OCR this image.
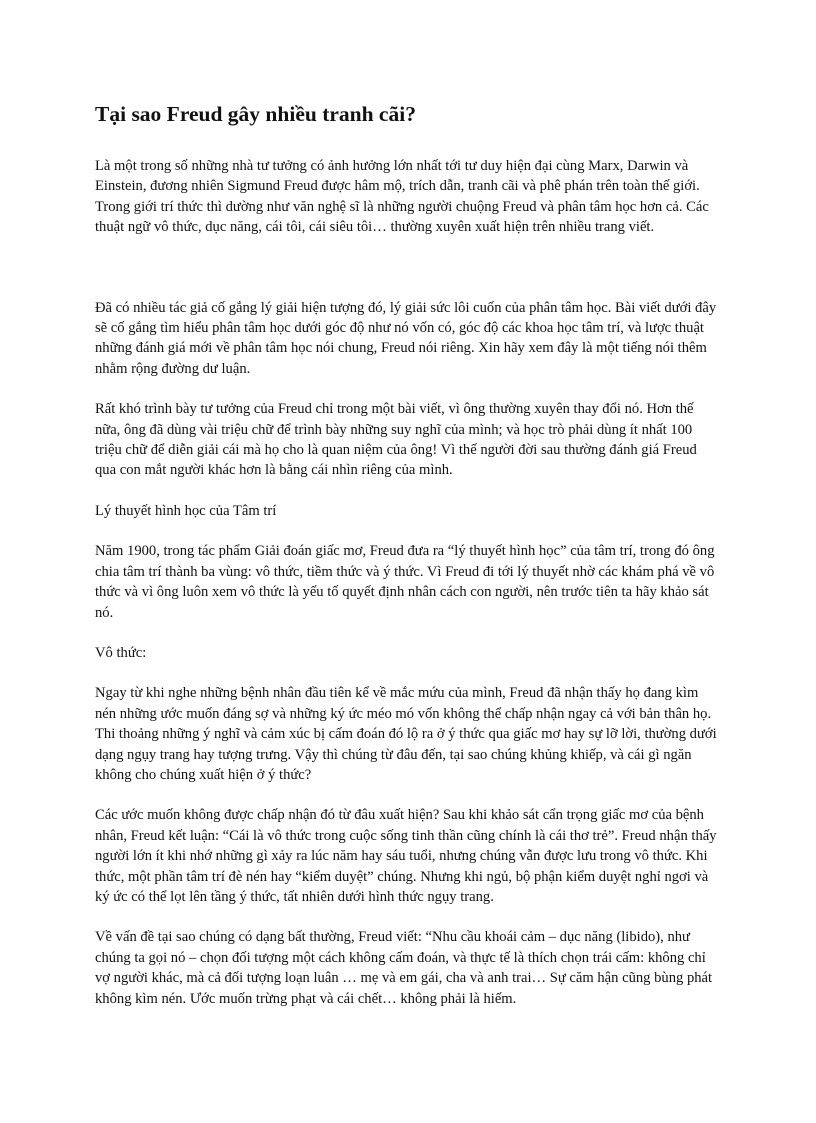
Tại sao Freud gây nhiều tranh cãi?

Là một trong số những nhà tư tưởng có ảnh hưởng lớn nhất tới tư duy hiện đại cùng Marx, Darwin và Einstein, đương nhiên Sigmund Freud được hâm mộ, trích dẫn, tranh cãi và phê phán trên toàn thế giới. Trong giới trí thức thì dường như văn nghệ sĩ là những người chuộng Freud và phân tâm học hơn cả. Các thuật ngữ vô thức, dục năng, cái tôi, cái siêu tôi… thường xuyên xuất hiện trên nhiều trang viết.

Đã có nhiều tác giả cố gắng lý giải hiện tượng đó, lý giải sức lôi cuốn của phân tâm học. Bài viết dưới đây sẽ cố gắng tìm hiểu phân tâm học dưới góc độ như nó vốn có, góc độ các khoa học tâm trí, và lược thuật những đánh giá mới về phân tâm học nói chung, Freud nói riêng. Xin hãy xem đây là một tiếng nói thêm nhằm rộng đường dư luận.

Rất khó trình bày tư tưởng của Freud chỉ trong một bài viết, vì ông thường xuyên thay đổi nó. Hơn thế nữa, ông đã dùng vài triệu chữ để trình bày những suy nghĩ của mình; và học trò phải dùng ít nhất 100 triệu chữ để diễn giải cái mà họ cho là quan niệm của ông! Vì thế người đời sau thường đánh giá Freud qua con mắt người khác hơn là bằng cái nhìn riêng của mình.

Lý thuyết hình học của Tâm trí

Năm 1900, trong tác phẩm Giải đoán giấc mơ, Freud đưa ra “lý thuyết hình học” của tâm trí, trong đó ông chia tâm trí thành ba vùng: vô thức, tiềm thức và ý thức. Vì Freud đi tới lý thuyết nhờ các khám phá về vô thức và vì ông luôn xem vô thức là yếu tố quyết định nhân cách con người, nên trước tiên ta hãy khảo sát nó.

Vô thức:

Ngay từ khi nghe những bệnh nhân đầu tiên kể về mắc mứu của mình, Freud đã nhận thấy họ đang kìm nén những ước muốn đáng sợ và những ký ức méo mó vốn không thể chấp nhận ngay cả với bản thân họ. Thi thoảng những ý nghĩ và cảm xúc bị cấm đoán đó lộ ra ở ý thức qua giấc mơ hay sự lỡ lời, thường dưới dạng ngụy trang hay tượng trưng. Vậy thì chúng từ đâu đến, tại sao chúng khủng khiếp, và cái gì ngăn không cho chúng xuất hiện ở ý thức?

Các ước muốn không được chấp nhận đó từ đâu xuất hiện? Sau khi khảo sát cẩn trọng giấc mơ của bệnh nhân, Freud kết luận: “Cái là vô thức trong cuộc sống tinh thần cũng chính là cái thơ trẻ”. Freud nhận thấy người lớn ít khi nhớ những gì xảy ra lúc năm hay sáu tuổi, nhưng chúng vẫn được lưu trong vô thức. Khi thức, một phần tâm trí đè nén hay “kiểm duyệt” chúng. Nhưng khi ngủ, bộ phận kiểm duyệt nghỉ ngơi và ký ức có thể lọt lên tầng ý thức, tất nhiên dưới hình thức ngụy trang.

Về vấn đề tại sao chúng có dạng bất thường, Freud viết: “Nhu cầu khoái cảm – dục năng (libido), như chúng ta gọi nó – chọn đối tượng một cách không cấm đoán, và thực tế là thích chọn trái cấm: không chỉ vợ người khác, mà cả đối tượng loạn luân … mẹ và em gái, cha và anh trai… Sự căm hận cũng bùng phát không kìm nén. Ước muốn trừng phạt và cái chết… không phải là hiếm.
